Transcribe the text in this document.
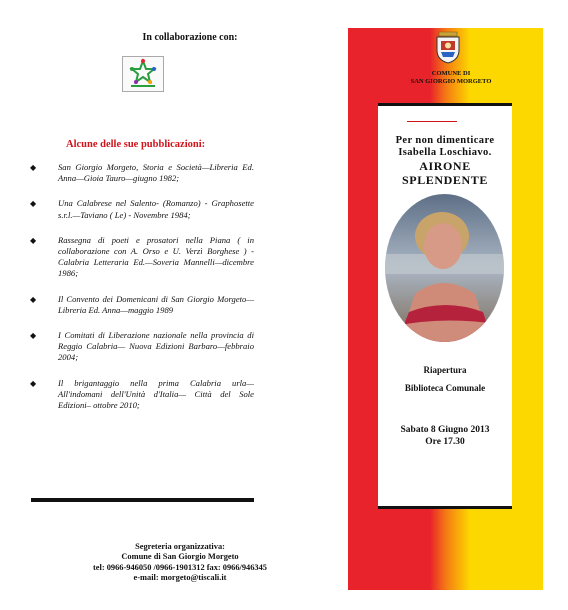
In collaborazione con:
Alcune delle sue pubblicazioni:
◆	San Giorgio Morgeto, Storia e Società—Libreria Ed. Anna—Gioia Tauro—giugno 1982;
◆	Una Calabrese nel Salento- (Romanzo) - Graphosette s.r.l.—Taviano ( Le) - Novembre 1984;
◆	Rassegna di poeti e prosatori nella Piana ( in collaborazione con A. Orso e U. Verzì Borghese ) - Calabria Letteraria Ed.—Soveria Mannelli—dicembre 1986;
◆	Il Convento dei Domenicani di San Giorgio Morgeto— Libreria Ed. Anna—maggio 1989
◆	I Comitati di Liberazione nazionale nella provincia di Reggio Calabria— Nuova Edizioni Barbaro—febbraio 2004;
◆	Il brigantaggio nella prima Calabria urla— All'indomani dell'Unità d'Italia— Città del Sole Edizioni– ottobre 2010;
Segreteria organizzativa:
Comune di San Giorgio Morgeto
tel: 0966-946050 /0966-1901312 fax: 0966/946345
e-mail: morgeto@tiscali.it
COMUNE DI
SAN GIORGIO MORGETO
Per non dimenticare
Isabella Loschiavo.
AIRONE
SPLENDENTE
Riapertura
Biblioteca Comunale
Sabato 8 Giugno 2013
Ore 17.30
